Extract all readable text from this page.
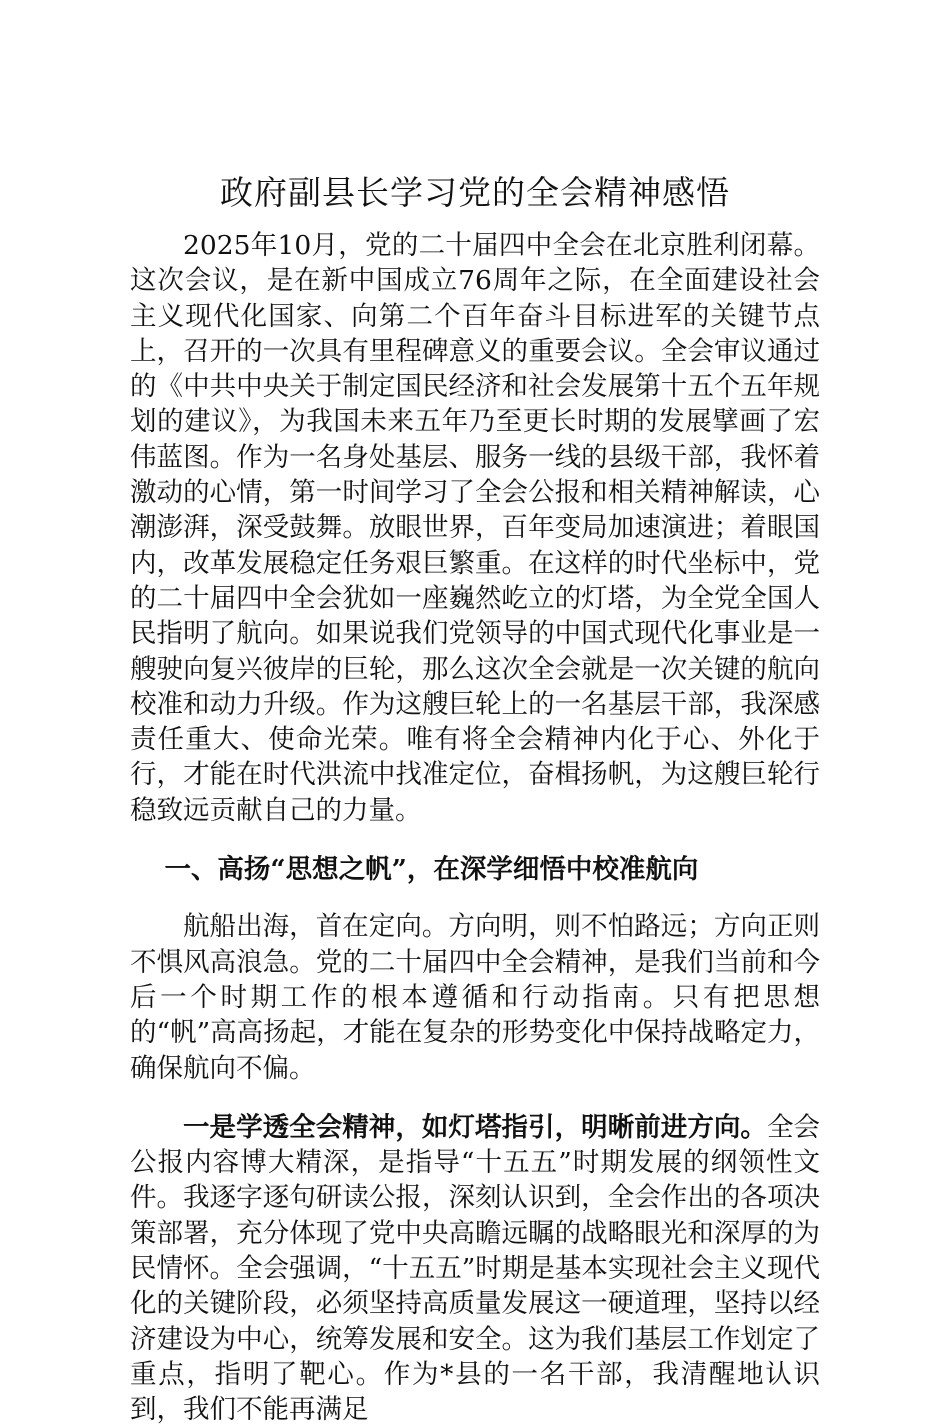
政府副县长学习党的全会精神感悟

2025年10月，党的二十届四中全会在北京胜利闭幕。这次会议，是在新中国成立76周年之际，在全面建设社会主义现代化国家、向第二个百年奋斗目标进军的关键节点上，召开的一次具有里程碑意义的重要会议。全会审议通过的《中共中央关于制定国民经济和社会发展第十五个五年规划的建议》，为我国未来五年乃至更长时期的发展擘画了宏伟蓝图。作为一名身处基层、服务一线的县级干部，我怀着激动的心情，第一时间学习了全会公报和相关精神解读，心潮澎湃，深受鼓舞。放眼世界，百年变局加速演进；着眼国内，改革发展稳定任务艰巨繁重。在这样的时代坐标中，党的二十届四中全会犹如一座巍然屹立的灯塔，为全党全国人民指明了航向。如果说我们党领导的中国式现代化事业是一艘驶向复兴彼岸的巨轮，那么这次全会就是一次关键的航向校准和动力升级。作为这艘巨轮上的一名基层干部，我深感责任重大、使命光荣。唯有将全会精神内化于心、外化于行，才能在时代洪流中找准定位，奋楫扬帆，为这艘巨轮行稳致远贡献自己的力量。

一、高扬“思想之帆”，在深学细悟中校准航向

航船出海，首在定向。方向明，则不怕路远；方向正则不惧风高浪急。党的二十届四中全会精神，是我们当前和今后一个时期工作的根本遵循和行动指南。只有把思想的“帆”高高扬起，才能在复杂的形势变化中保持战略定力，确保航向不偏。

一是学透全会精神，如灯塔指引，明晰前进方向。全会公报内容博大精深，是指导“十五五”时期发展的纲领性文件。我逐字逐句研读公报，深刻认识到，全会作出的各项决策部署，充分体现了党中央高瞻远瞩的战略眼光和深厚的为民情怀。全会强调，“十五五”时期是基本实现社会主义现代化的关键阶段，必须坚持高质量发展这一硬道理，坚持以经济建设为中心，统筹发展和安全。这为我们基层工作划定了重点，指明了靶心。作为*县的一名干部，我清醒地认识到，我们不能再满足
